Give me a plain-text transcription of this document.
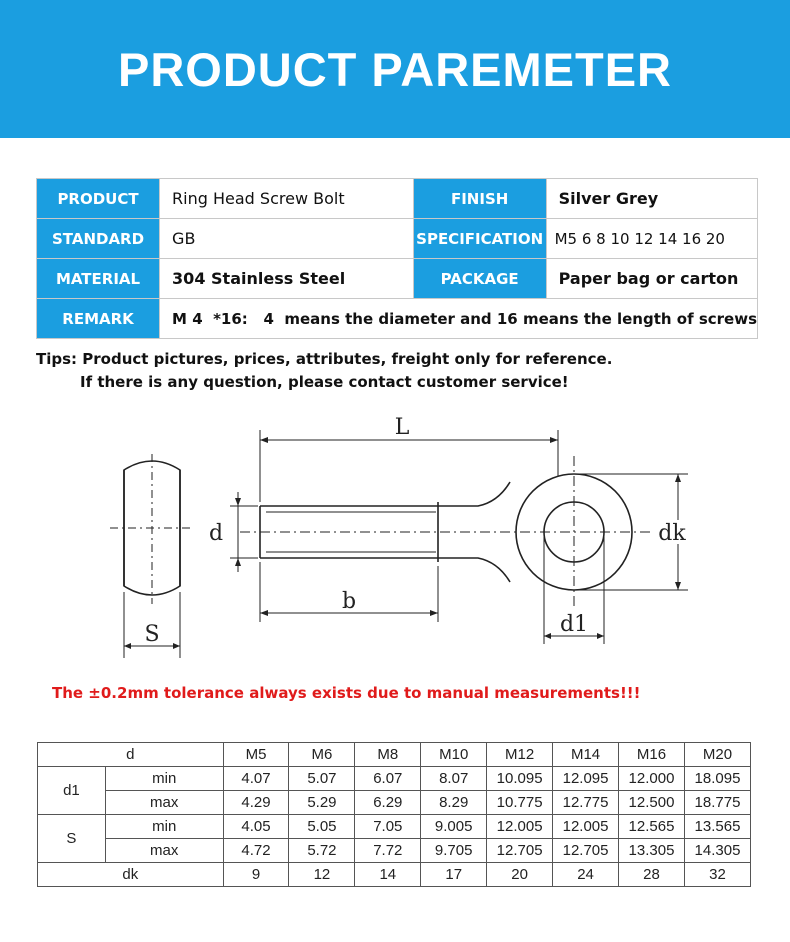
PRODUCT PAREMETER
PRODUCT	Ring Head Screw Bolt	FINISH	Silver Grey
STANDARD	GB	SPECIFICATION	M5 6 8 10 12 14 16 20
MATERIAL	304 Stainless Steel	PACKAGE	Paper bag or carton
REMARK	M 4  *16:   4  means the diameter and 16 means the length of screws		
Tips: Product pictures, prices, attributes, freight only for reference.
If there is any question, please contact customer service!
L
d
b
dk
d1
S
The ±0.2mm tolerance always exists due to manual measurements!!!
d		M5	M6	M8	M10	M12	M14	M16	M20
d1	min	4.07	5.07	6.07	8.07	10.095	12.095	12.000	18.095
	max	4.29	5.29	6.29	8.29	10.775	12.775	12.500	18.775
S	min	4.05	5.05	7.05	9.005	12.005	12.005	12.565	13.565
	max	4.72	5.72	7.72	9.705	12.705	12.705	13.305	14.305
dk		9	12	14	17	20	24	28	32
